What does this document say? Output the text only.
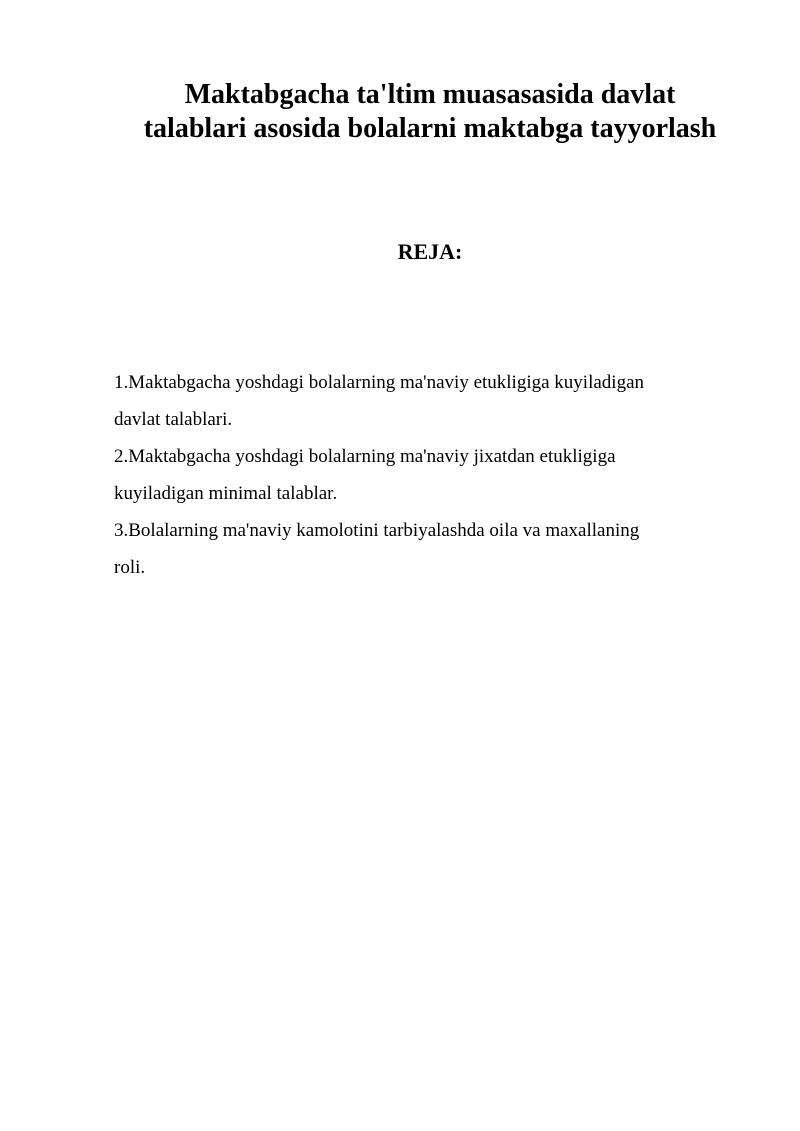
Maktabgacha ta'ltim muasasasida davlat
talablari asosida bolalarni maktabga tayyorlash
REJA:
1.Maktabgacha yoshdagi bolalarning ma'naviy etukligiga kuyiladigan
davlat talablari.
2.Maktabgacha yoshdagi bolalarning ma'naviy jixatdan etukligiga
kuyiladigan minimal talablar.
3.Bolalarning ma'naviy kamolotini tarbiyalashda oila va maxallaning
roli.
